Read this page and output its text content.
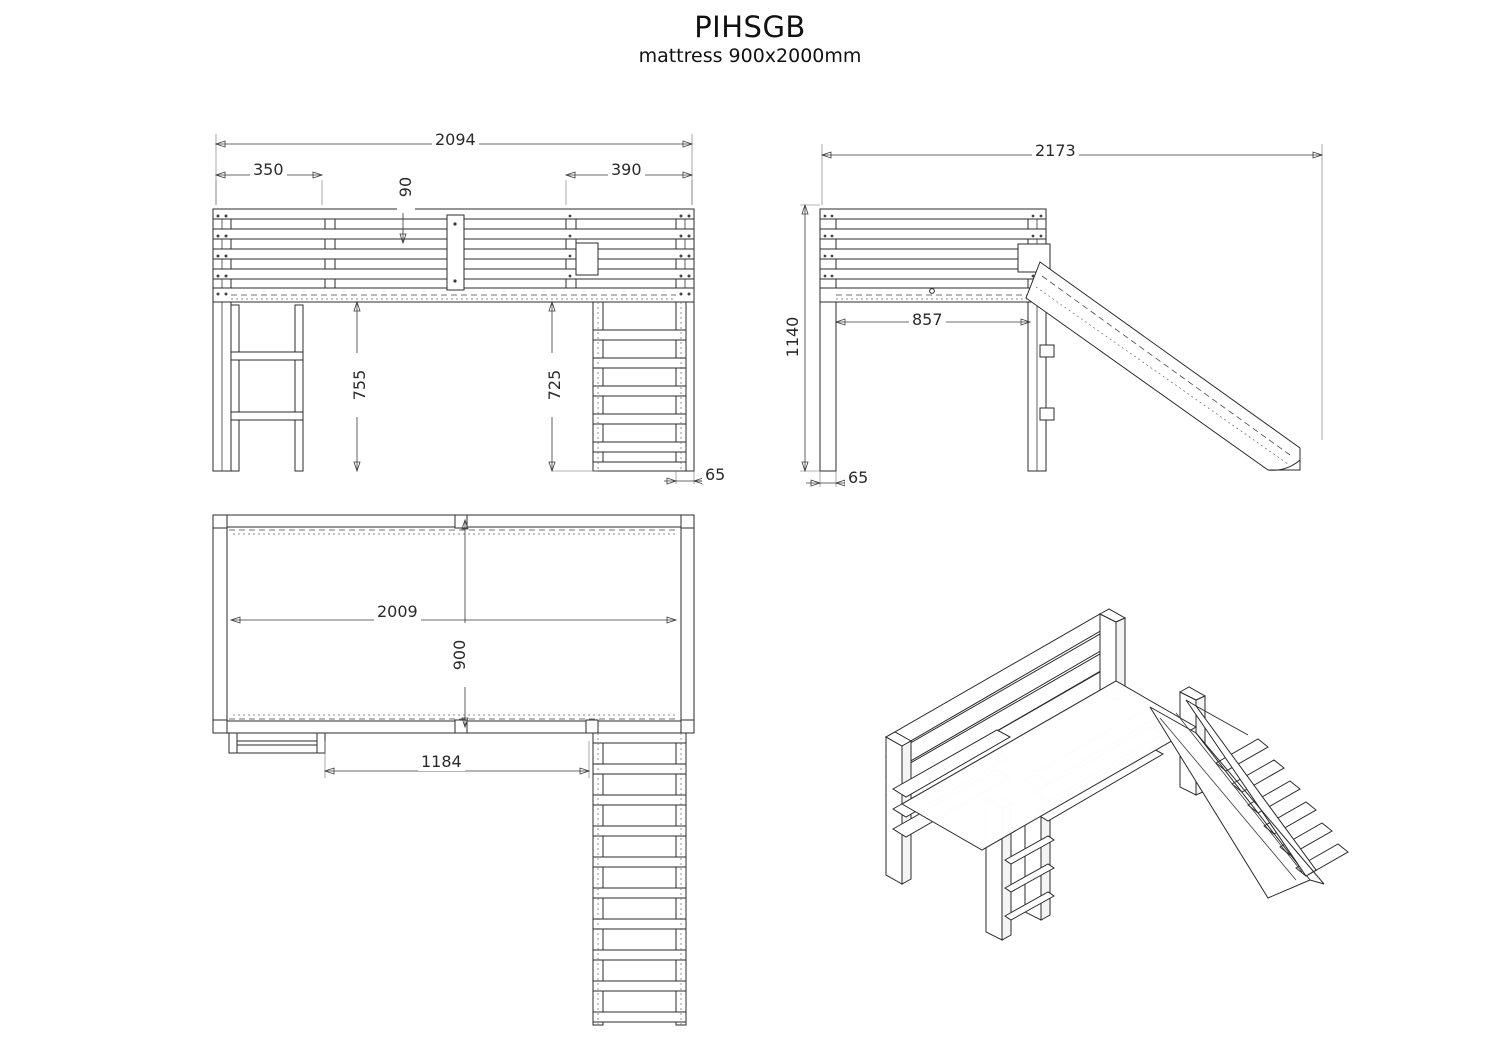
PIHSGB
mattress 900x2000mm
2094
350	390
90
755	725
65
2173
1140	857
65
2009
900
1184
